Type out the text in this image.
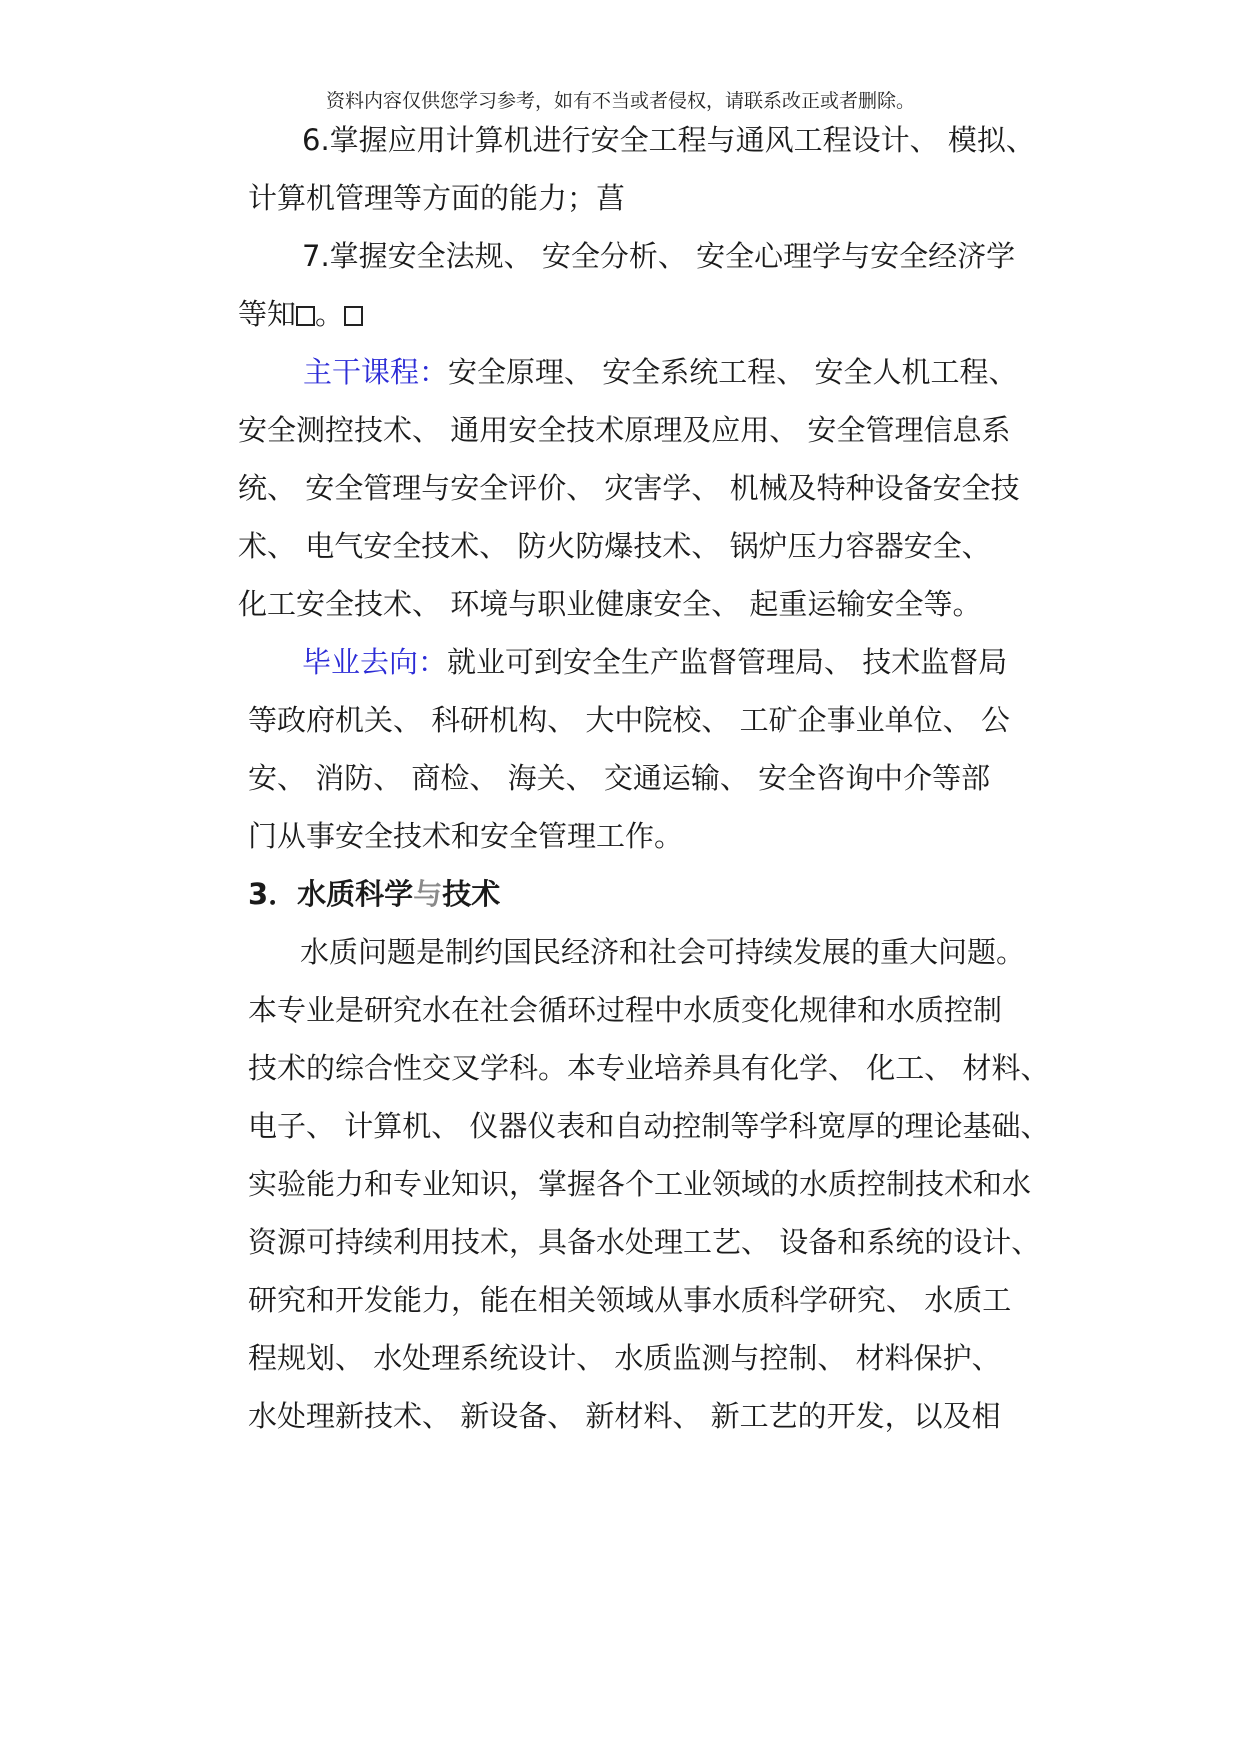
资料内容仅供您学习参考，如有不当或者侵权，请联系改正或者删除。
6.掌握应用计算机进行安全工程与通风工程设计、 模拟、
计算机管理等方面的能力；菖
7.掌握安全法规、 安全分析、 安全心理学与安全经济学
等知 。
主干课程：安全原理、 安全系统工程、 安全人机工程、
安全测控技术、 通用安全技术原理及应用、 安全管理信息系
统、 安全管理与安全评价、 灾害学、 机械及特种设备安全技
术、 电气安全技术、 防火防爆技术、 锅炉压力容器安全、
化工安全技术、 环境与职业健康安全、 起重运输安全等。
毕业去向：就业可到安全生产监督管理局、 技术监督局
等政府机关、 科研机构、 大中院校、 工矿企事业单位、 公
安、 消防、 商检、 海关、 交通运输、 安全咨询中介等部
门从事安全技术和安全管理工作。
3．水质科学与技术
水质问题是制约国民经济和社会可持续发展的重大问题。
本专业是研究水在社会循环过程中水质变化规律和水质控制
技术的综合性交叉学科。本专业培养具有化学、 化工、 材料、
电子、 计算机、 仪器仪表和自动控制等学科宽厚的理论基础、
实验能力和专业知识，掌握各个工业领域的水质控制技术和水
资源可持续利用技术，具备水处理工艺、 设备和系统的设计、
研究和开发能力，能在相关领域从事水质科学研究、 水质工
程规划、 水处理系统设计、 水质监测与控制、 材料保护、
水处理新技术、 新设备、 新材料、 新工艺的开发，以及相
